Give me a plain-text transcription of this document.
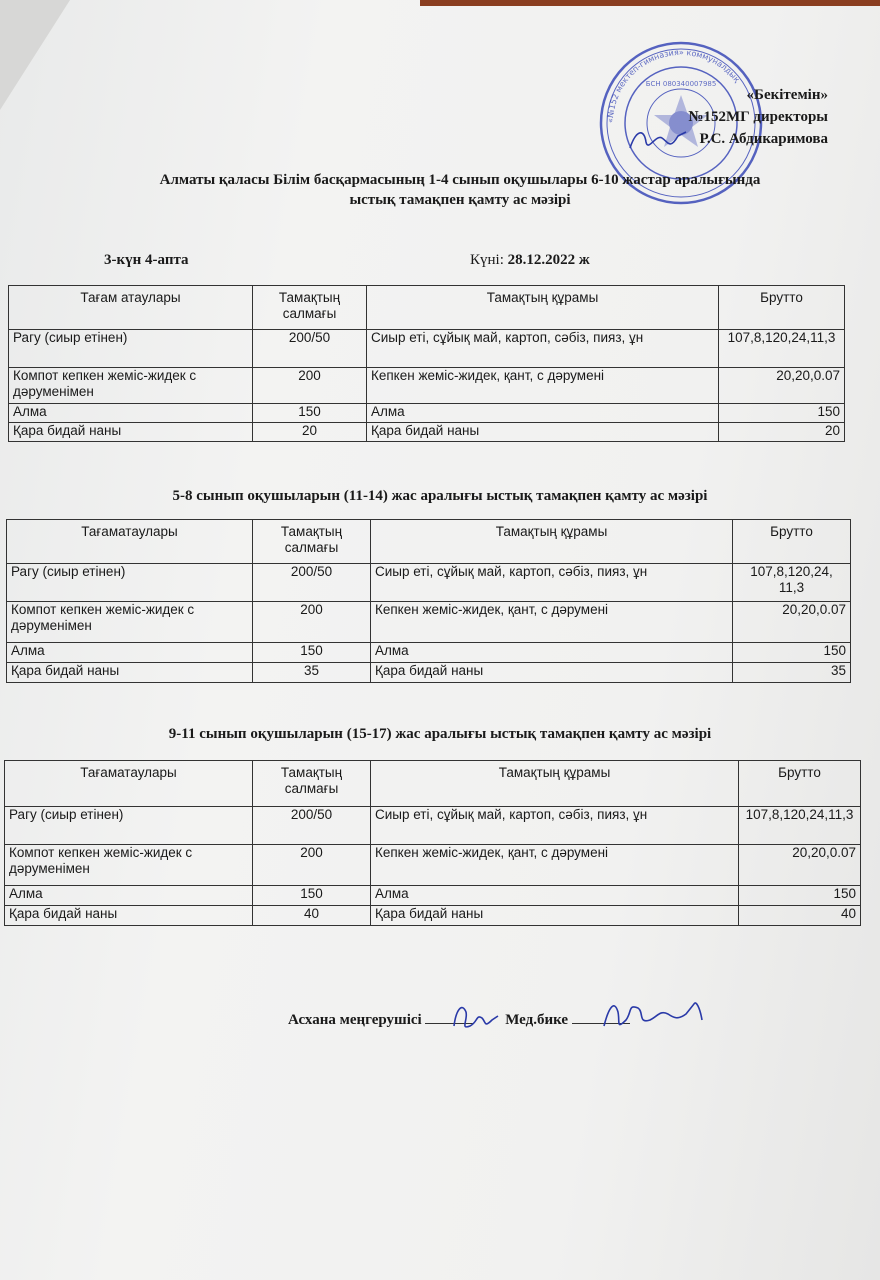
«№152 мектеп-гимназия» коммуналдық
БСН 080340007985
«Бекітемін»
№152МГ директоры
Р.С. Абдикаримова
Алматы қаласы Білім басқармасының 1-4 сынып оқушылары 6-10 жастар аралығында
ыстық тамақпен қамту ас мәзірі
3-күн 4-апта	Күні: 28.12.2022 ж
Тағам атаулары	Тамақтың салмағы	Тамақтың құрамы	Брутто
Рагу (сиыр етінен)	200/50	Сиыр еті, сұйық май, картоп, сәбіз, пияз, ұн	107,8,120,24,11,3
Компот кепкен жеміс-жидек с дәруменімен	200	Кепкен жеміс-жидек, қант, с дәрумені	20,20,0.07
Алма	150	Алма	150
Қара бидай наны	20	Қара бидай наны	20
5-8 сынып оқушыларын (11-14) жас аралығы ыстық тамақпен қамту ас мәзірі
Тағаматаулары	Тамақтың салмағы	Тамақтың құрамы	Брутто
Рагу (сиыр етінен)	200/50	Сиыр еті, сұйық май, картоп, сәбіз, пияз, ұн	107,8,120,24, 11,3
Компот кепкен жеміс-жидек с дәруменімен	200	Кепкен жеміс-жидек, қант, с дәрумені	20,20,0.07
Алма	150	Алма	150
Қара бидай наны	35	Қара бидай наны	35
9-11 сынып оқушыларын (15-17) жас аралығы ыстық тамақпен қамту ас мәзірі
Тағаматаулары	Тамақтың салмағы	Тамақтың құрамы	Брутто
Рагу (сиыр етінен)	200/50	Сиыр еті, сұйық май, картоп, сәбіз, пияз, ұн	107,8,120,24,11,3
Компот кепкен жеміс-жидек с дәруменімен	200	Кепкен жеміс-жидек, қант, с дәрумені	20,20,0.07
Алма	150	Алма	150
Қара бидай наны	40	Қара бидай наны	40
Асхана меңгерушісі	Мед.бике
